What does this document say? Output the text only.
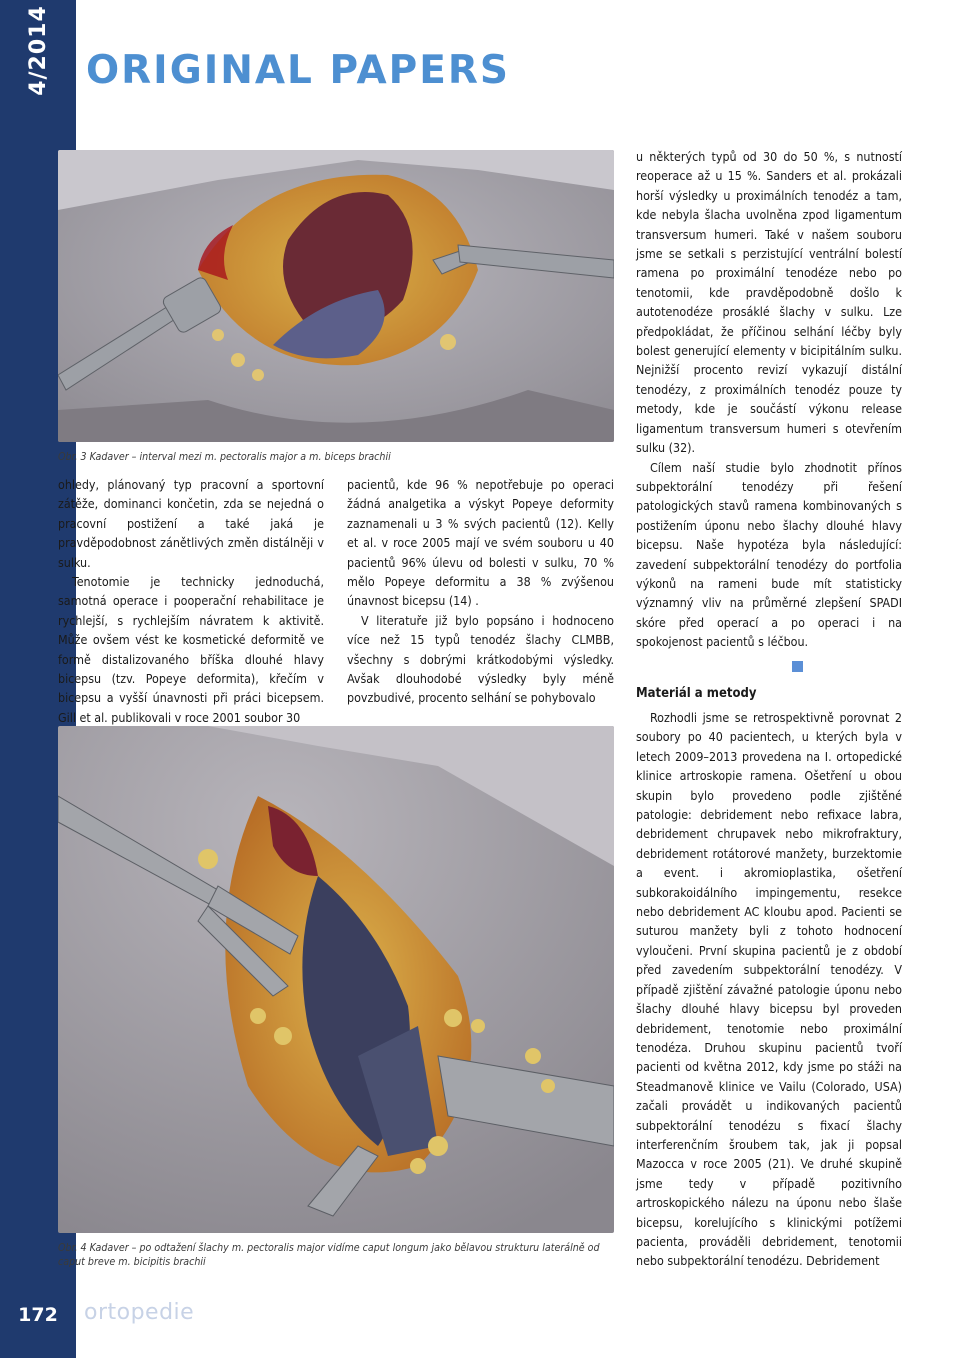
4/2014
172
ORIGINAL PAPERS
Obr. 3 Kadaver – interval mezi m. pectoralis major a m. biceps brachii

ohledy, plánovaný typ pracovní a sportovní zátěže, dominanci končetin, zda se nejedná o pracovní postižení a také jaká je pravděpodobnost zánětlivých změn distálněji v sulku.

Tenotomie je technicky jednoduchá, samotná operace i pooperační rehabilitace je rychlejší, s rychlejším návratem k aktivitě. Může ovšem vést ke kosmetické deformitě ve formě distalizovaného bříška dlouhé hlavy bicepsu (tzv. Popeye deformita), křečím v bicepsu a vyšší únavnosti při práci bicepsem. Gill et al. publikovali v roce 2001 soubor 30

pacientů, kde 96 % nepotřebuje po operaci žádná analgetika a výskyt Popeye deformity zaznamenali u 3 % svých pacientů (12). Kelly et al. v roce 2005 mají ve svém souboru u 40 pacientů 96% úlevu od bolesti v sulku, 70 % mělo Popeye deformitu a 38 % zvýšenou únavnost bicepsu (14) .

V literatuře již bylo popsáno i hodnoceno více než 15 typů tenodéz šlachy CLMBB, všechny s dobrými krátkodobými výsledky. Avšak dlouhodobé výsledky byly méně povzbudivé, procento selhání se pohybovalo

Obr. 4 Kadaver – po odtažení šlachy m. pectoralis major vidíme caput longum jako bělavou strukturu laterálně od caput breve m. bicipitis brachii

u některých typů od 30 do 50 %, s nutností reoperace až u 15 %. Sanders et al. prokázali horší výsledky u proximálních tenodéz a tam, kde nebyla šlacha uvolněna zpod ligamentum transversum humeri. Také v našem souboru jsme se setkali s perzistující ventrální bolestí ramena po proximální tenodéze nebo po tenotomii, kde pravděpodobně došlo k autotenodéze prosáklé šlachy v sulku. Lze předpokládat, že příčinou selhání léčby byly bolest generující elementy v bicipitálním sulku. Nejnižší procento revizí vykazují distální tenodézy, z proximálních tenodéz pouze ty metody, kde je součástí výkonu release ligamentum transversum humeri s otevřením sulku (32).

Cílem naší studie bylo zhodnotit přínos subpektorální tenodézy při řešení patologických stavů ramena kombinovaných s postižením úponu nebo šlachy dlouhé hlavy bicepsu. Naše hypotéza byla následující: zavedení subpektorální tenodézy do portfolia výkonů na rameni bude mít statisticky významný vliv na průměrné zlepšení SPADI skóre před operací a po operaci i na spokojenost pacientů s léčbou.

Materiál a metody

Rozhodli jsme se retrospektivně porovnat 2 soubory po 40 pacientech, u kterých byla v letech 2009–2013 provedena na I. ortopedické klinice artroskopie ramena. Ošetření u obou skupin bylo provedeno podle zjištěné patologie: debridement nebo refixace labra, debridement chrupavek nebo mikrofraktury, debridement rotátorové manžety, burzektomie a event. i akromioplastika, ošetření subkorakoidálního impingementu, resekce nebo debridement AC kloubu apod. Pacienti se suturou manžety byli z tohoto hodnocení vyloučeni. První skupina pacientů je z období před zavedením subpektorální tenodézy. V případě zjištění závažné patologie úponu nebo šlachy dlouhé hlavy bicepsu byl proveden debridement, tenotomie nebo proximální tenodéza. Druhou skupinu pacientů tvoří pacienti od května 2012, kdy jsme po stáži na Steadmanově klinice ve Vailu (Colorado, USA) začali provádět u indikovaných pacientů subpektorální tenodézu s fixací šlachy interferenčním šroubem tak, jak ji popsal Mazocca v roce 2005 (21). Ve druhé skupině jsme tedy v případě pozitivního artroskopického nálezu na úponu nebo šlaše bicepsu, korelujícího s klinickými potížemi pacienta, prováděli debridement, tenotomii nebo subpektorální tenodézu. Debridement

ortopedie
